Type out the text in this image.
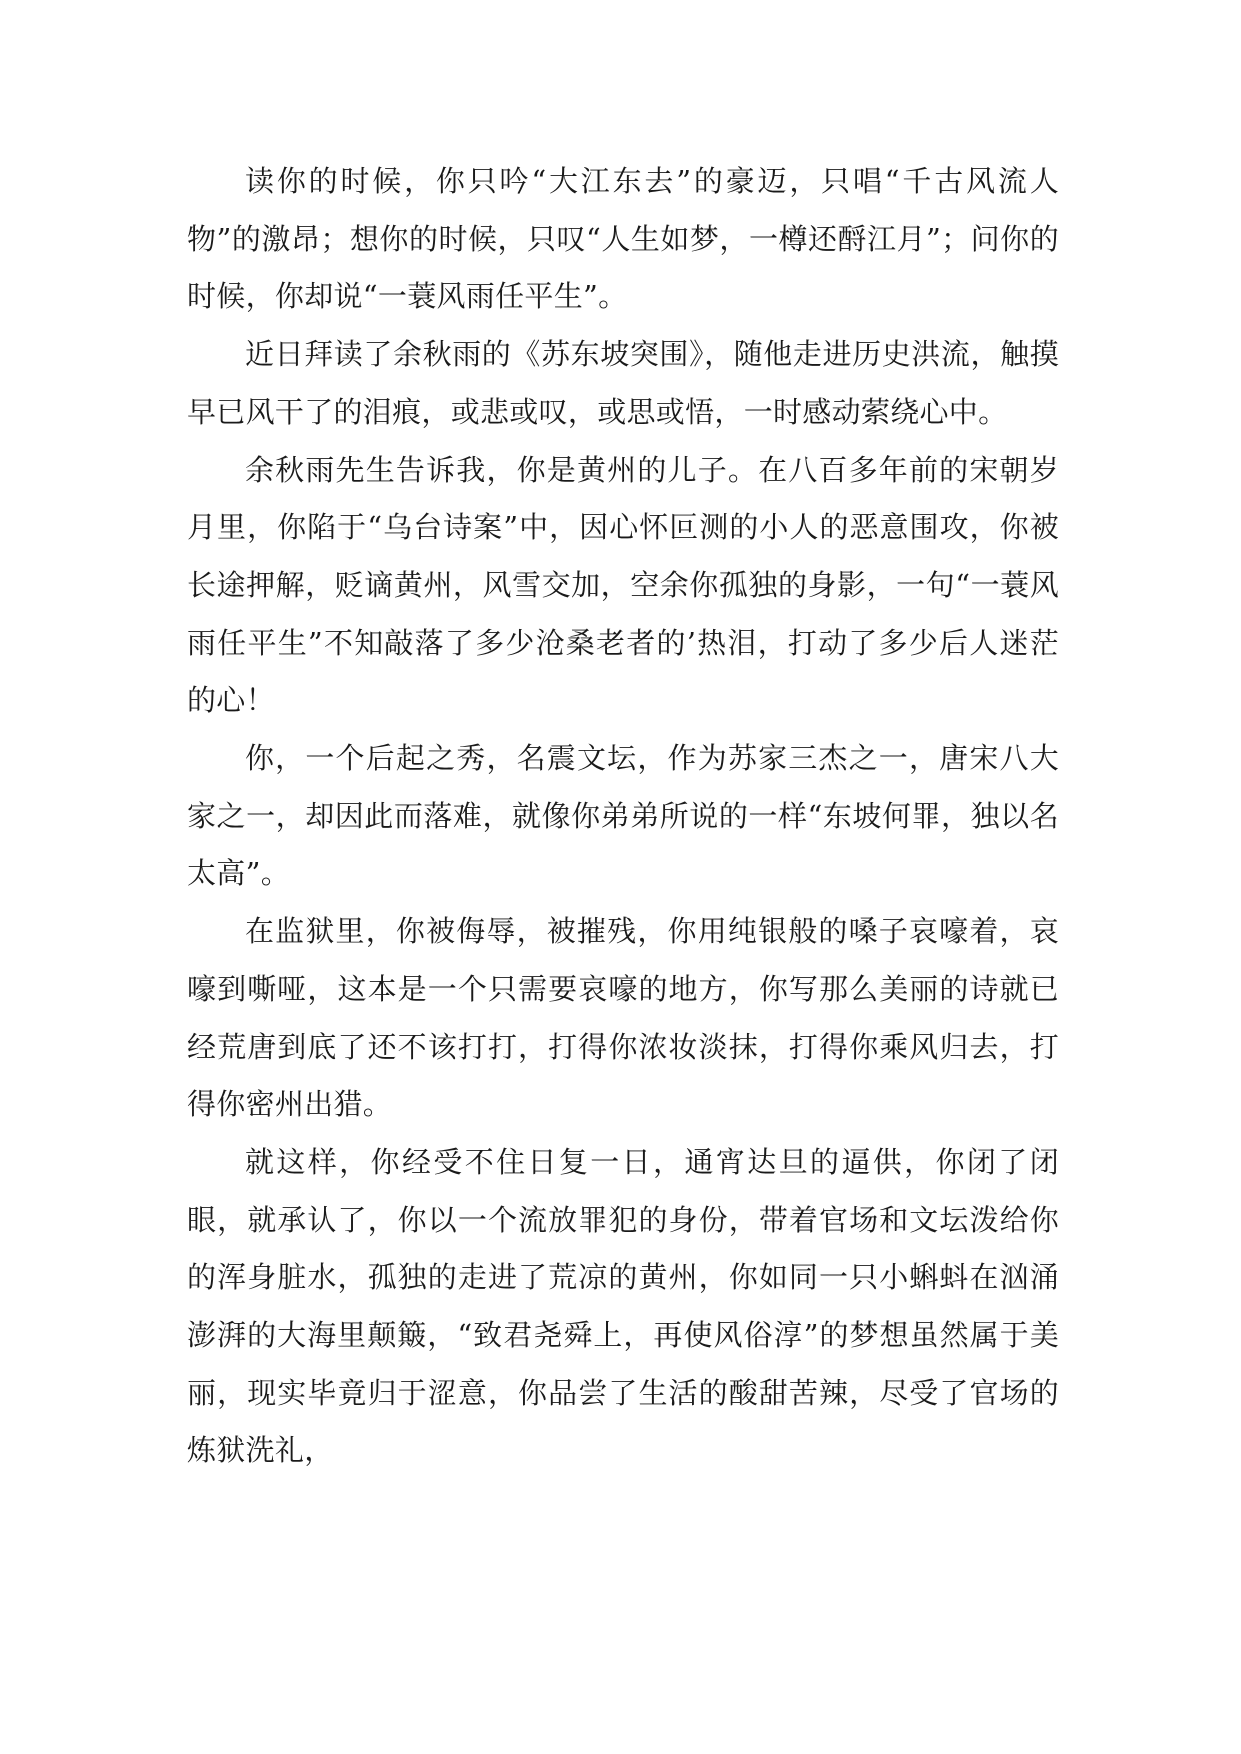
读你的时候，你只吟“大江东去”的豪迈，只唱“千古风流人物”的激昂；想你的时候，只叹“人生如梦，一樽还酹江月”；问你的时候，你却说“一蓑风雨任平生”。

近日拜读了余秋雨的《苏东坡突围》，随他走进历史洪流，触摸早已风干了的泪痕，或悲或叹，或思或悟，一时感动萦绕心中。

余秋雨先生告诉我，你是黄州的儿子。在八百多年前的宋朝岁月里，你陷于“乌台诗案”中，因心怀叵测的小人的恶意围攻，你被长途押解，贬谪黄州，风雪交加，空余你孤独的身影，一句“一蓑风雨任平生”不知敲落了多少沧桑老者的’热泪，打动了多少后人迷茫的心！

你，一个后起之秀，名震文坛，作为苏家三杰之一，唐宋八大家之一，却因此而落难，就像你弟弟所说的一样“东坡何罪，独以名太高”。

在监狱里，你被侮辱，被摧残，你用纯银般的嗓子哀嚎着，哀嚎到嘶哑，这本是一个只需要哀嚎的地方，你写那么美丽的诗就已经荒唐到底了还不该打打，打得你浓妆淡抹，打得你乘风归去，打得你密州出猎。

就这样，你经受不住日复一日，通宵达旦的逼供，你闭了闭眼，就承认了，你以一个流放罪犯的身份，带着官场和文坛泼给你的浑身脏水，孤独的走进了荒凉的黄州，你如同一只小蝌蚪在汹涌澎湃的大海里颠簸，“致君尧舜上，再使风俗淳”的梦想虽然属于美丽，现实毕竟归于涩意，你品尝了生活的酸甜苦辣，尽受了官场的炼狱洗礼，
